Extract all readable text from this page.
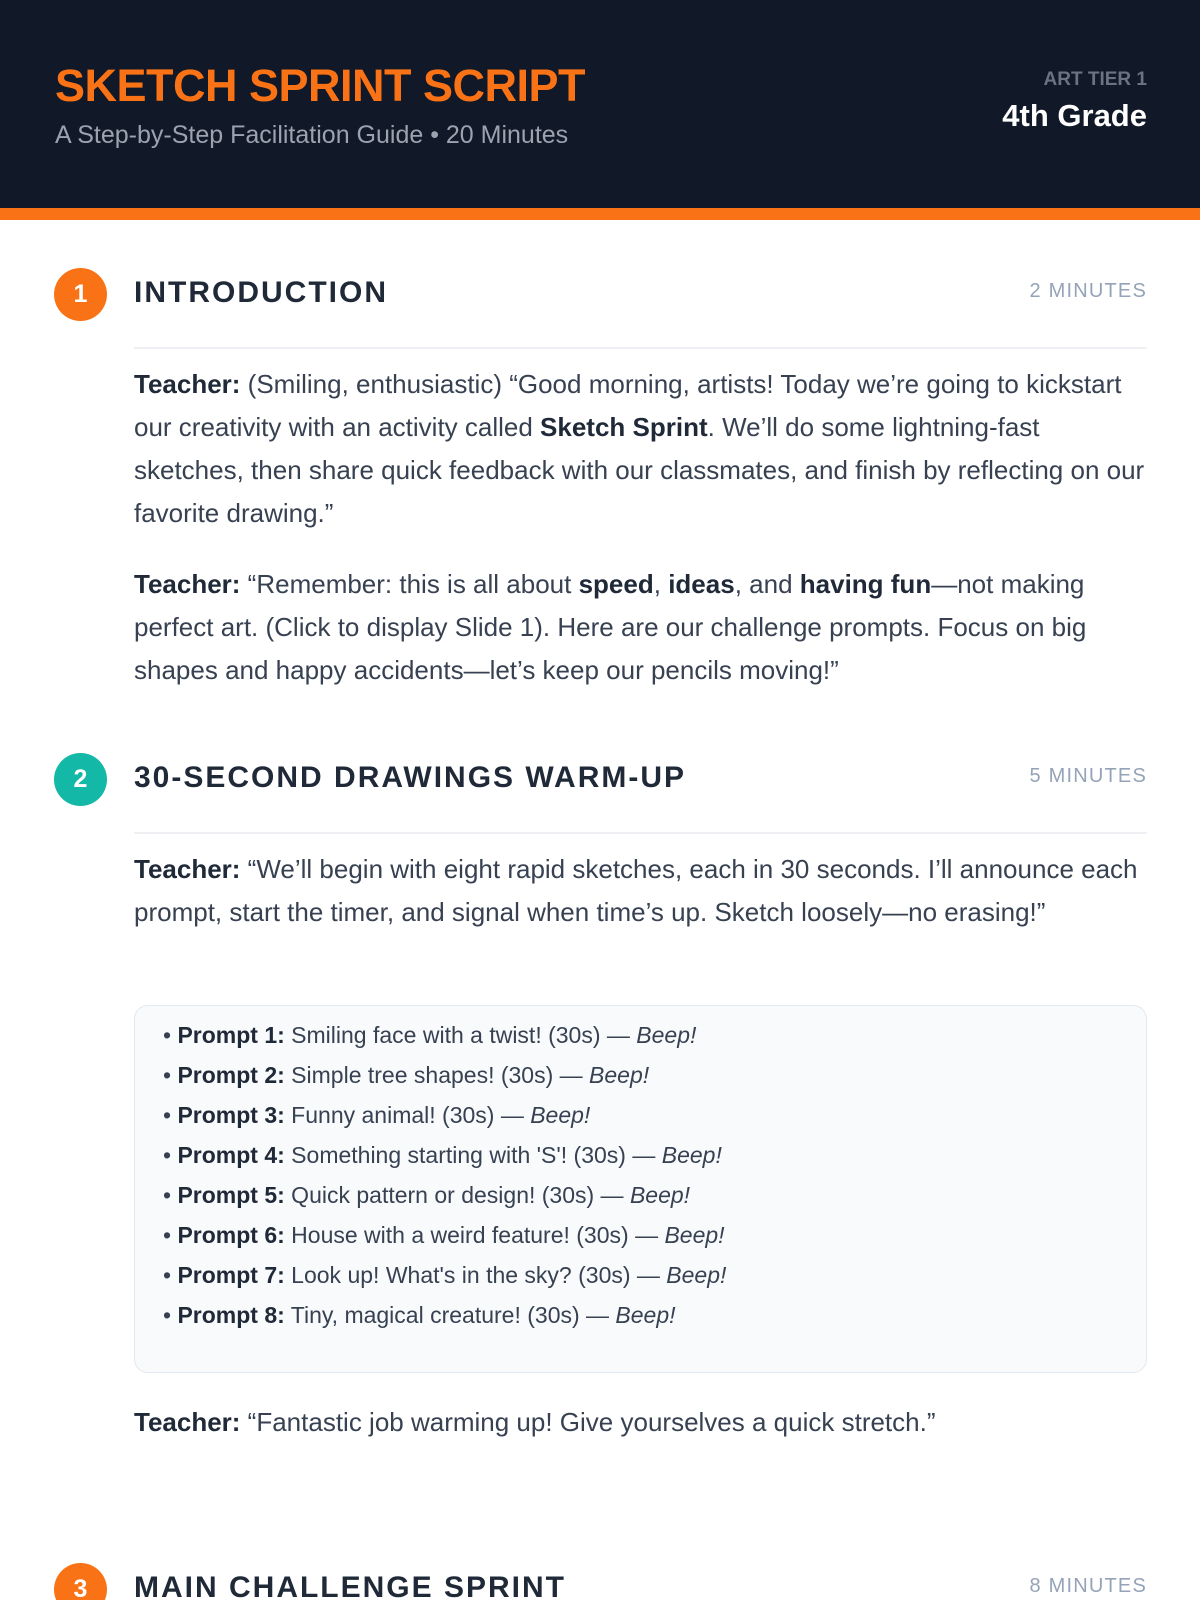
SKETCH SPRINT SCRIPT
A Step-by-Step Facilitation Guide • 20 Minutes
ART TIER 1
4th Grade
1	INTRODUCTION	2 MINUTES

Teacher: (Smiling, enthusiastic) “Good morning, artists! Today we’re going to kickstart our creativity with an activity called Sketch Sprint. We’ll do some lightning-fast sketches, then share quick feedback with our classmates, and finish by reflecting on our favorite drawing.”

Teacher: “Remember: this is all about speed, ideas, and having fun—not making perfect art. (Click to display Slide 1). Here are our challenge prompts. Focus on big shapes and happy accidents—let’s keep our pencils moving!”

2	30-SECOND DRAWINGS WARM-UP	5 MINUTES

Teacher: “We’ll begin with eight rapid sketches, each in 30 seconds. I’ll announce each prompt, start the timer, and signal when time’s up. Sketch loosely—no erasing!”

• Prompt 1: Smiling face with a twist! (30s) — Beep!
• Prompt 2: Simple tree shapes! (30s) — Beep!
• Prompt 3: Funny animal! (30s) — Beep!
• Prompt 4: Something starting with 'S'! (30s) — Beep!
• Prompt 5: Quick pattern or design! (30s) — Beep!
• Prompt 6: House with a weird feature! (30s) — Beep!
• Prompt 7: Look up! What's in the sky? (30s) — Beep!
• Prompt 8: Tiny, magical creature! (30s) — Beep!

Teacher: “Fantastic job warming up! Give yourselves a quick stretch.”

3	MAIN CHALLENGE SPRINT	8 MINUTES
